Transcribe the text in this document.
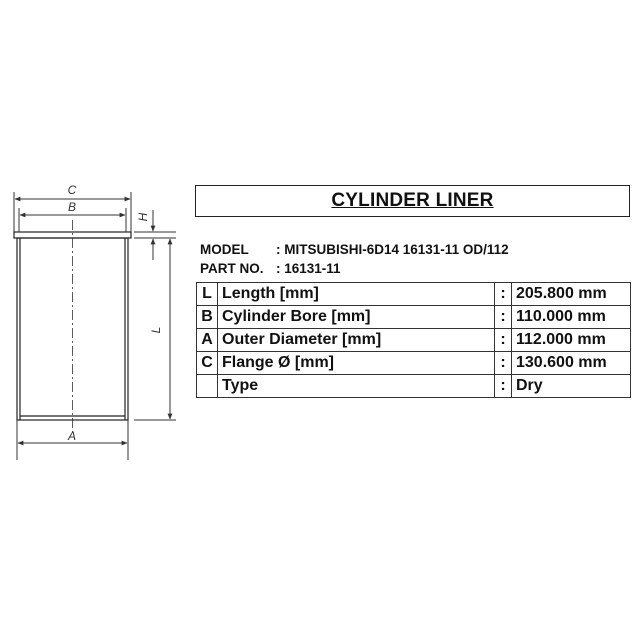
C
B
A
L
H
CYLINDER LINER
MODEL : MITSUBISHI-6D14 16131-11 OD/112
PART NO. : 16131-11
L	Length [mm]	:	205.800 mm
B	Cylinder Bore [mm]	:	110.000 mm
A	Outer Diameter [mm]	:	112.000 mm
C	Flange Ø [mm]	:	130.600 mm
	Type	:	Dry
